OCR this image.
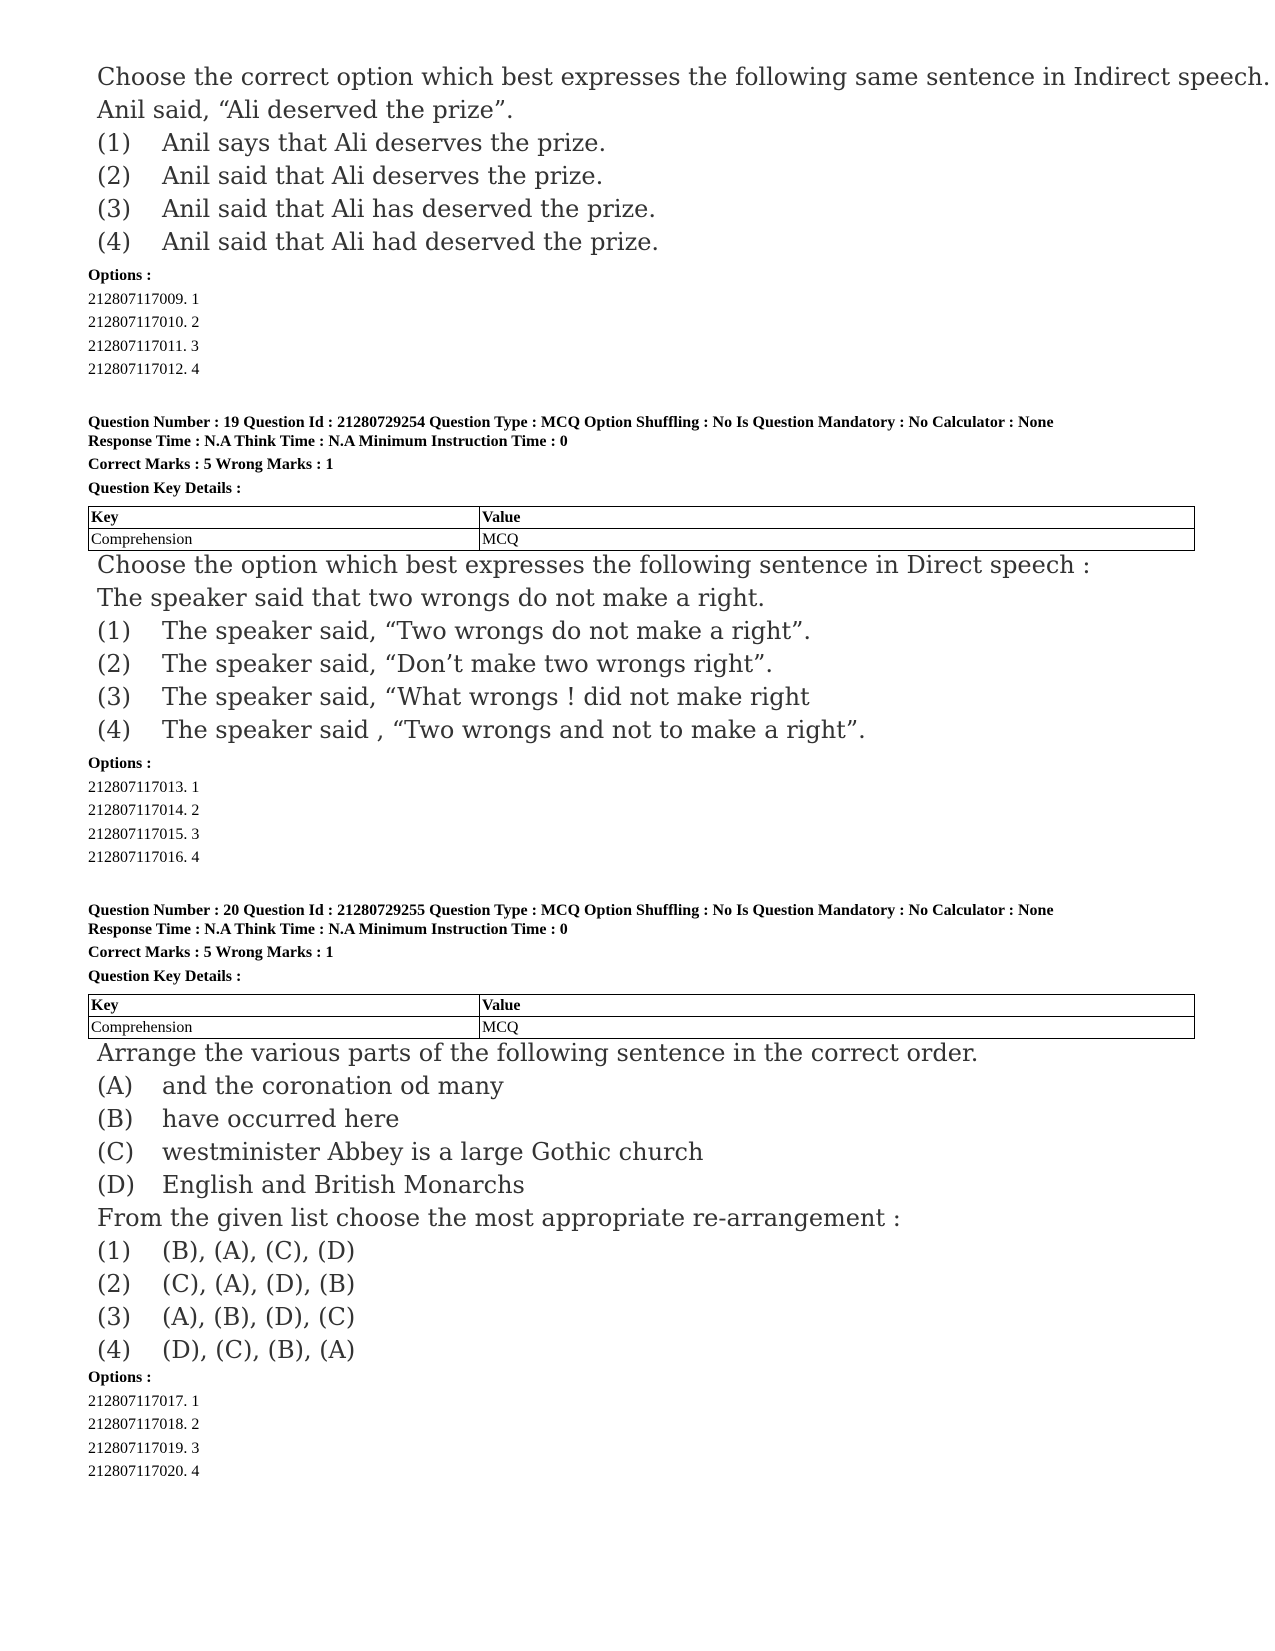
Choose the correct option which best expresses the following same sentence in Indirect speech.
Anil said, “Ali deserved the prize”.
(1)	Anil says that Ali deserves the prize.
(2)	Anil said that Ali deserves the prize.
(3)	Anil said that Ali has deserved the prize.
(4)	Anil said that Ali had deserved the prize.
Options :
212807117009. 1
212807117010. 2
212807117011. 3
212807117012. 4
Question Number : 19 Question Id : 21280729254 Question Type : MCQ Option Shuffling : No Is Question Mandatory : No Calculator : None
Response Time : N.A Think Time : N.A Minimum Instruction Time : 0
Correct Marks : 5 Wrong Marks : 1
Question Key Details :
Key	Value
Comprehension	MCQ
Choose the option which best expresses the following sentence in Direct speech :
The speaker said that two wrongs do not make a right.
(1)	The speaker said, “Two wrongs do not make a right”.
(2)	The speaker said, “Don’t make two wrongs right”.
(3)	The speaker said, “What wrongs ! did not make right
(4)	The speaker said , “Two wrongs and not to make a right”.
Options :
212807117013. 1
212807117014. 2
212807117015. 3
212807117016. 4
Question Number : 20 Question Id : 21280729255 Question Type : MCQ Option Shuffling : No Is Question Mandatory : No Calculator : None
Response Time : N.A Think Time : N.A Minimum Instruction Time : 0
Correct Marks : 5 Wrong Marks : 1
Question Key Details :
Key	Value
Comprehension	MCQ
Arrange the various parts of the following sentence in the correct order.
(A)	and the coronation od many
(B)	have occurred here
(C)	westminister Abbey is a large Gothic church
(D)	English and British Monarchs
From the given list choose the most appropriate re-arrangement :
(1)	(B), (A), (C), (D)
(2)	(C), (A), (D), (B)
(3)	(A), (B), (D), (C)
(4)	(D), (C), (B), (A)
Options :
212807117017. 1
212807117018. 2
212807117019. 3
212807117020. 4
